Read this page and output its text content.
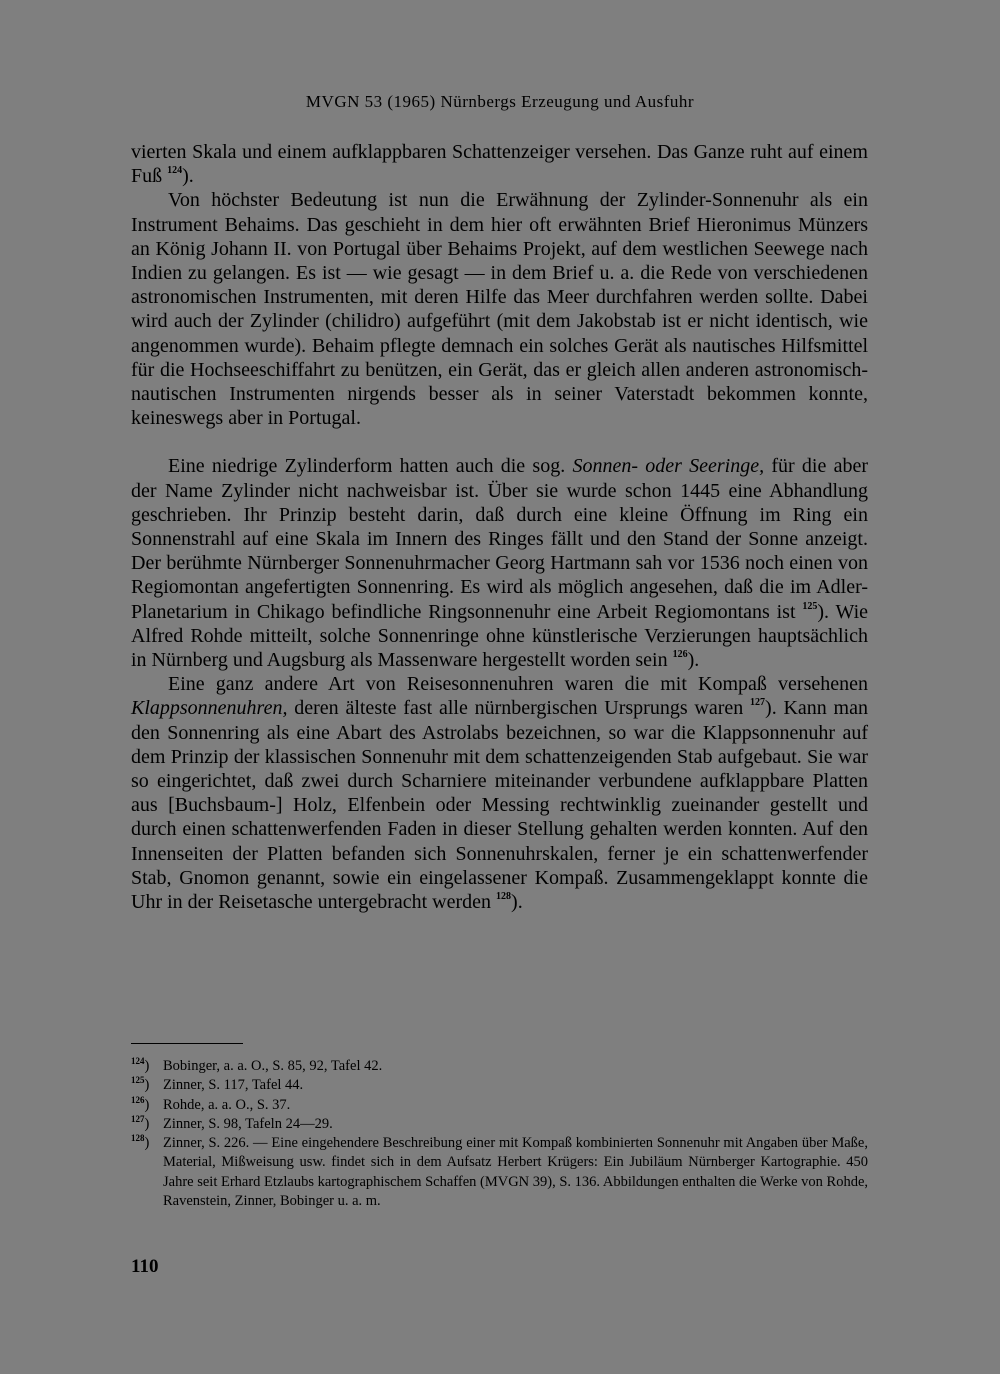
MVGN 53 (1965) Nürnbergs Erzeugung und Ausfuhr

vierten Skala und einem aufklappbaren Schattenzeiger versehen. Das Ganze ruht auf einem Fuß $^{124}$).

Von höchster Bedeutung ist nun die Erwähnung der Zylinder-Sonnenuhr als ein Instrument Behaims. Das geschieht in dem hier oft erwähnten Brief Hieronimus Münzers an König Johann II. von Portugal über Behaims Projekt, auf dem westlichen Seewege nach Indien zu gelangen. Es ist — wie gesagt — in dem Brief u. a. die Rede von verschiedenen astronomischen Instrumenten, mit deren Hilfe das Meer durchfahren werden sollte. Dabei wird auch der Zylinder (chilidro) aufgeführt (mit dem Jakobstab ist er nicht identisch, wie angenommen wurde). Behaim pflegte demnach ein solches Gerät als nautisches Hilfsmittel für die Hochseeschiffahrt zu benützen, ein Gerät, das er gleich allen anderen astronomisch-nautischen Instrumenten nirgends besser als in seiner Vaterstadt bekommen konnte, keineswegs aber in Portugal.

Eine niedrige Zylinderform hatten auch die sog. Sonnen- oder Seeringe, für die aber der Name Zylinder nicht nachweisbar ist. Über sie wurde schon 1445 eine Abhandlung geschrieben. Ihr Prinzip besteht darin, daß durch eine kleine Öffnung im Ring ein Sonnenstrahl auf eine Skala im Innern des Ringes fällt und den Stand der Sonne anzeigt. Der berühmte Nürnberger Sonnenuhrmacher Georg Hartmann sah vor 1536 noch einen von Regiomontan angefertigten Sonnenring. Es wird als möglich angesehen, daß die im Adler-Planetarium in Chikago befindliche Ringsonnenuhr eine Arbeit Regiomontans ist $^{125}$). Wie Alfred Rohde mitteilt, solche Sonnenringe ohne künstlerische Verzierungen hauptsächlich in Nürnberg und Augsburg als Massenware hergestellt worden sein $^{126}$).

Eine ganz andere Art von Reisesonnenuhren waren die mit Kompaß versehenen Klappsonnenuhren, deren älteste fast alle nürnbergischen Ursprungs waren $^{127}$). Kann man den Sonnenring als eine Abart des Astrolabs bezeichnen, so war die Klappsonnenuhr auf dem Prinzip der klassischen Sonnenuhr mit dem schattenzeigenden Stab aufgebaut. Sie war so eingerichtet, daß zwei durch Scharniere miteinander verbundene aufklappbare Platten aus [Buchsbaum-] Holz, Elfenbein oder Messing rechtwinklig zueinander gestellt und durch einen schattenwerfenden Faden in dieser Stellung gehalten werden konnten. Auf den Innenseiten der Platten befanden sich Sonnenuhrskalen, ferner je ein schattenwerfender Stab, Gnomon genannt, sowie ein eingelassener Kompaß. Zusammengeklappt konnte die Uhr in der Reisetasche untergebracht werden $^{128}$).

$^{124}$) Bobinger, a. a. O., S. 85, 92, Tafel 42.
$^{125}$) Zinner, S. 117, Tafel 44.
$^{126}$) Rohde, a. a. O., S. 37.
$^{127}$) Zinner, S. 98, Tafeln 24—29.
$^{128}$) Zinner, S. 226. — Eine eingehendere Beschreibung einer mit Kompaß kombinierten Sonnenuhr mit Angaben über Maße, Material, Mißweisung usw. findet sich in dem Aufsatz Herbert Krügers: Ein Jubiläum Nürnberger Kartographie. 450 Jahre seit Erhard Etzlaubs kartographischem Schaffen (MVGN 39), S. 136. Abbildungen enthalten die Werke von Rohde, Ravenstein, Zinner, Bobinger u. a. m.
110
